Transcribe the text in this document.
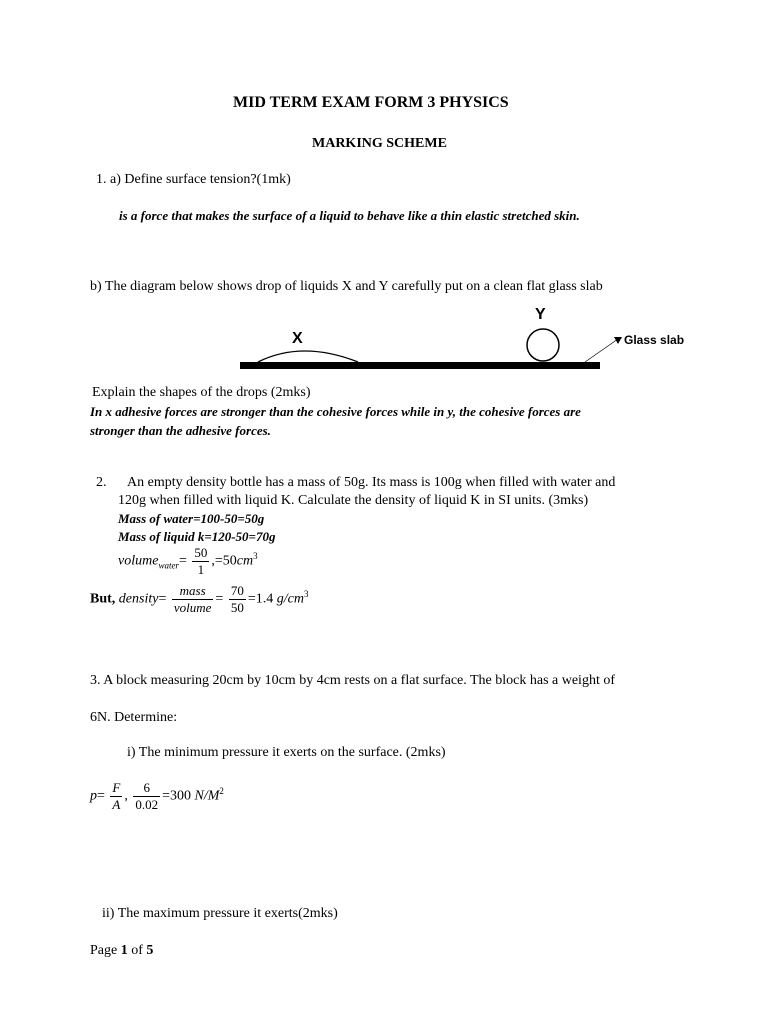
MID TERM EXAM FORM 3 PHYSICS
MARKING SCHEME
1. a) Define surface tension?(1mk)
is a force that makes the surface of a liquid to behave like a thin elastic stretched skin.
b) The diagram below shows drop of liquids X and Y carefully put on a clean flat glass slab
X
Y
Glass slab
Explain the shapes of the drops (2mks)
In x adhesive forces are stronger than the cohesive forces while in y, the cohesive forces are
stronger than the adhesive forces.
2. An empty density bottle has a mass of 50g. Its mass is 100g when filled with water and
120g when filled with liquid K. Calculate the density of liquid K in SI units. (3mks)
Mass of water=100-50=50g
Mass of liquid k=120-50=70g
volume$_{water}$= $\frac{50}{1} ,=50cm^3$
But, density= $\frac{\text{mass}}{\text{volume}} = \frac{70}{50} =1.4$ $g/cm^3$
3. A block measuring 20cm by 10cm by 4cm rests on a flat surface. The block has a weight of
6N. Determine:
i) The minimum pressure it exerts on the surface. (2mks)
$p= \frac{F}{A}$ , $\frac{6}{0.02} =300$ $N/M^2$
ii) The maximum pressure it exerts(2mks)
Page 1 of 5
